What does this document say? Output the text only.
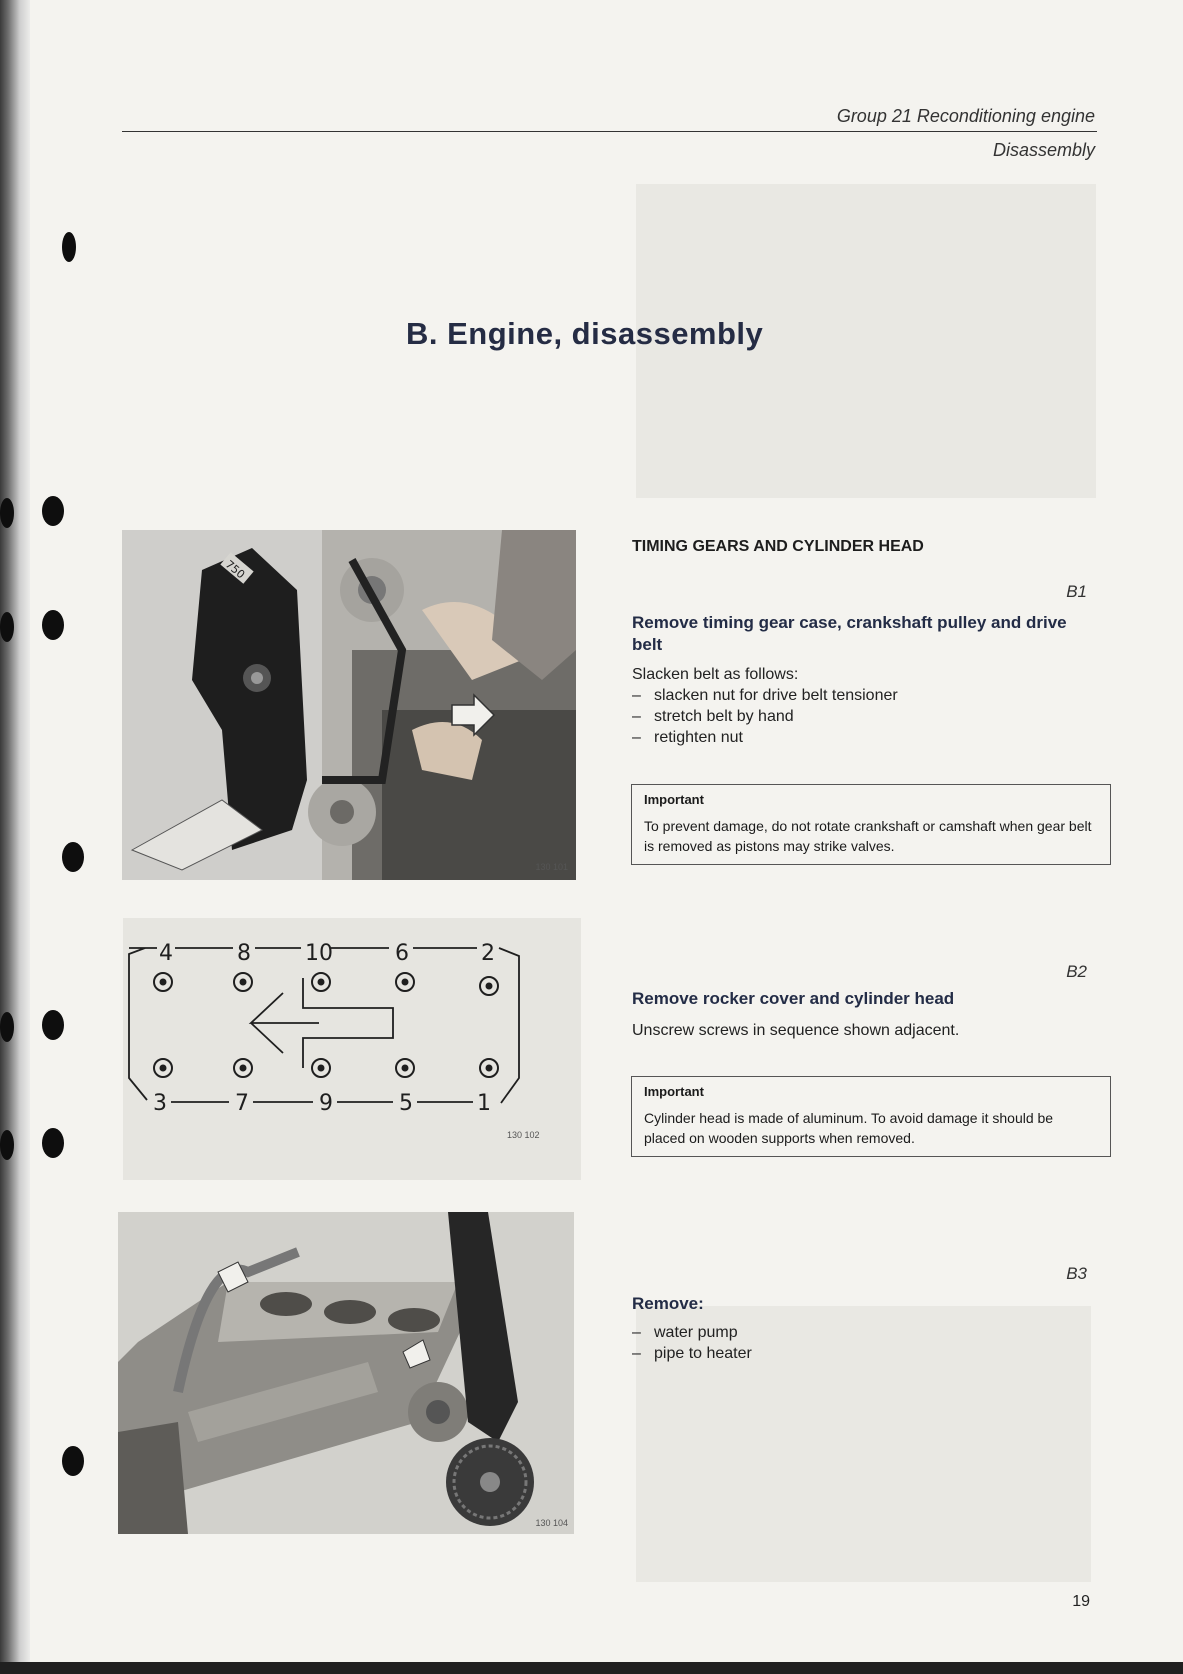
Group 21 Reconditioning engine
Disassembly
B. Engine, disassembly
750
130 101
4	8 10	6	2
3	7	9	5	1
130 102
130 104
TIMING GEARS AND CYLINDER HEAD
B1
Remove timing gear case, crankshaft pulley and drive belt
Slacken belt as follows:
– slacken nut for drive belt tensioner
– stretch belt by hand
– retighten nut
Important
To prevent damage, do not rotate crankshaft or camshaft when gear belt is removed as pistons may strike valves.
B2
Remove rocker cover and cylinder head
Unscrew screws in sequence shown adjacent.
Important
Cylinder head is made of aluminum. To avoid damage it should be placed on wooden supports when removed.
B3
Remove:
– water pump
– pipe to heater
19
